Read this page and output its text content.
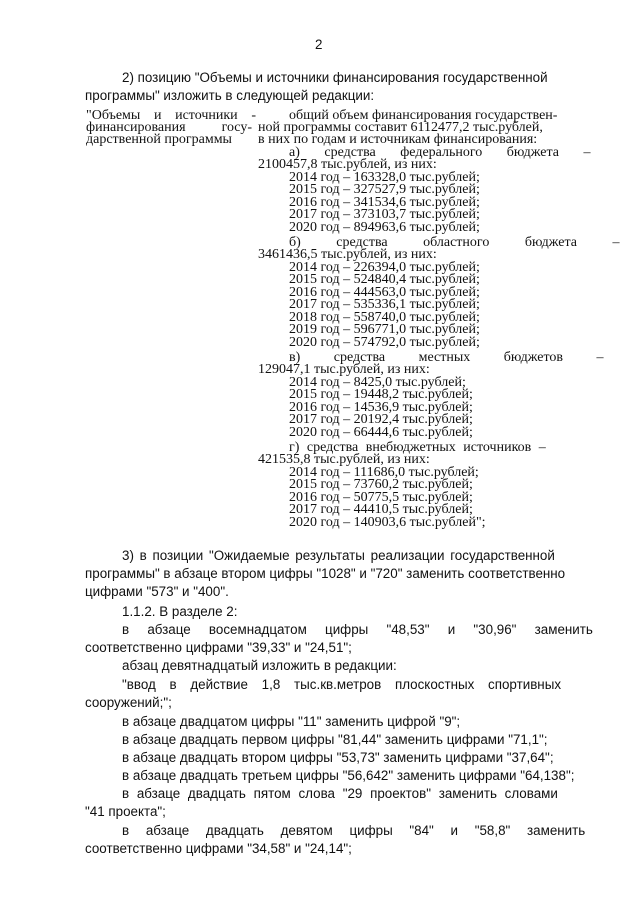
2
2) позицию "Объемы и источники финансирования государственной
программы" изложить в следующей редакции:
"Объемы и источники -
финансирования	госу-
дарственной программы
общий объем финансирования государствен-
ной программы составит 6112477,2 тыс.рублей,
в них по годам и источникам финансирования:
а) средства федерального бюджета –
2100457,8 тыс.рублей, из них:
2014 год – 163328,0 тыс.рублей;
2015 год – 327527,9 тыс.рублей;
2016 год – 341534,6 тыс.рублей;
2017 год – 373103,7 тыс.рублей;
2020 год – 894963,6 тыс.рублей;
б) средства областного бюджета –
3461436,5 тыс.рублей, из них:
2014 год – 226394,0 тыс.рублей;
2015 год – 524840,4 тыс.рублей;
2016 год – 444563,0 тыс.рублей;
2017 год – 535336,1 тыс.рублей;
2018 год – 558740,0 тыс.рублей;
2019 год – 596771,0 тыс.рублей;
2020 год – 574792,0 тыс.рублей;
в) средства местных бюджетов –
129047,1 тыс.рублей, из них:
2014 год – 8425,0 тыс.рублей;
2015 год – 19448,2 тыс.рублей;
2016 год – 14536,9 тыс.рублей;
2017 год – 20192,4 тыс.рублей;
2020 год – 66444,6 тыс.рублей;
г) средства внебюджетных источников –
421535,8 тыс.рублей, из них:
2014 год – 111686,0 тыс.рублей;
2015 год – 73760,2 тыс.рублей;
2016 год – 50775,5 тыс.рублей;
2017 год – 44410,5 тыс.рублей;
2020 год – 140903,6 тыс.рублей";
3) в позиции "Ожидаемые результаты реализации государственной
программы" в абзаце втором цифры "1028" и "720" заменить соответственно
цифрами "573" и "400".
1.1.2. В разделе 2:
в абзаце восемнадцатом цифры "48,53" и "30,96" заменить
соответственно цифрами "39,33" и "24,51";
абзац девятнадцатый изложить в редакции:
"ввод в действие 1,8 тыс.кв.метров плоскостных спортивных
сооружений;";
в абзаце двадцатом цифры "11" заменить цифрой "9";
в абзаце двадцать первом цифры "81,44" заменить цифрами "71,1";
в абзаце двадцать втором цифры "53,73" заменить цифрами "37,64";
в абзаце двадцать третьем цифры "56,642" заменить цифрами "64,138";
в абзаце двадцать пятом слова "29 проектов" заменить словами
"41 проекта";
в абзаце двадцать девятом цифры "84" и "58,8" заменить
соответственно цифрами "34,58" и "24,14";
